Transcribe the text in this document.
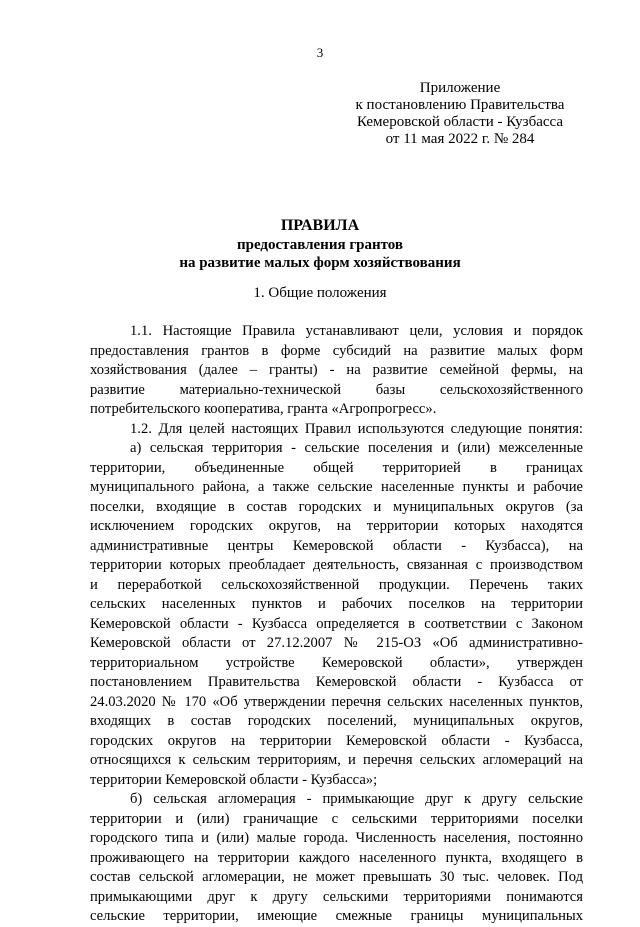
3
Приложение
к постановлению Правительства
Кемеровской области - Кузбасса
от 11 мая 2022 г. № 284
ПРАВИЛА
предоставления грантов
на развитие малых форм хозяйствования
1. Общие положения
1.1. Настоящие Правила устанавливают цели, условия и порядок
предоставления грантов в форме субсидий на развитие малых форм
хозяйствования (далее – гранты) - на развитие семейной фермы, на
развитие материально-технической базы сельскохозяйственного
потребительского кооператива, гранта «Агропрогресс».
1.2. Для целей настоящих Правил используются следующие понятия:
а) сельская территория - сельские поселения и (или) межселенные
территории, объединенные общей территорией в границах
муниципального района, а также сельские населенные пункты и рабочие
поселки, входящие в состав городских и муниципальных округов (за
исключением городских округов, на территории которых находятся
административные центры Кемеровской области - Кузбасса), на
территории которых преобладает деятельность, связанная с производством
и переработкой сельскохозяйственной продукции. Перечень таких
сельских населенных пунктов и рабочих поселков на территории
Кемеровской области - Кузбасса определяется в соответствии с Законом
Кемеровской области от 27.12.2007 № 215-ОЗ «Об административно-
территориальном устройстве Кемеровской области», утвержден
постановлением Правительства Кемеровской области - Кузбасса от
24.03.2020 № 170 «Об утверждении перечня сельских населенных пунктов,
входящих в состав городских поселений, муниципальных округов,
городских округов на территории Кемеровской области - Кузбасса,
относящихся к сельским территориям, и перечня сельских агломераций на
территории Кемеровской области - Кузбасса»;
б) сельская агломерация - примыкающие друг к другу сельские
территории и (или) граничащие с сельскими территориями поселки
городского типа и (или) малые города. Численность населения, постоянно
проживающего на территории каждого населенного пункта, входящего в
состав сельской агломерации, не может превышать 30 тыс. человек. Под
примыкающими друг к другу сельскими территориями понимаются
сельские территории, имеющие смежные границы муниципальных
